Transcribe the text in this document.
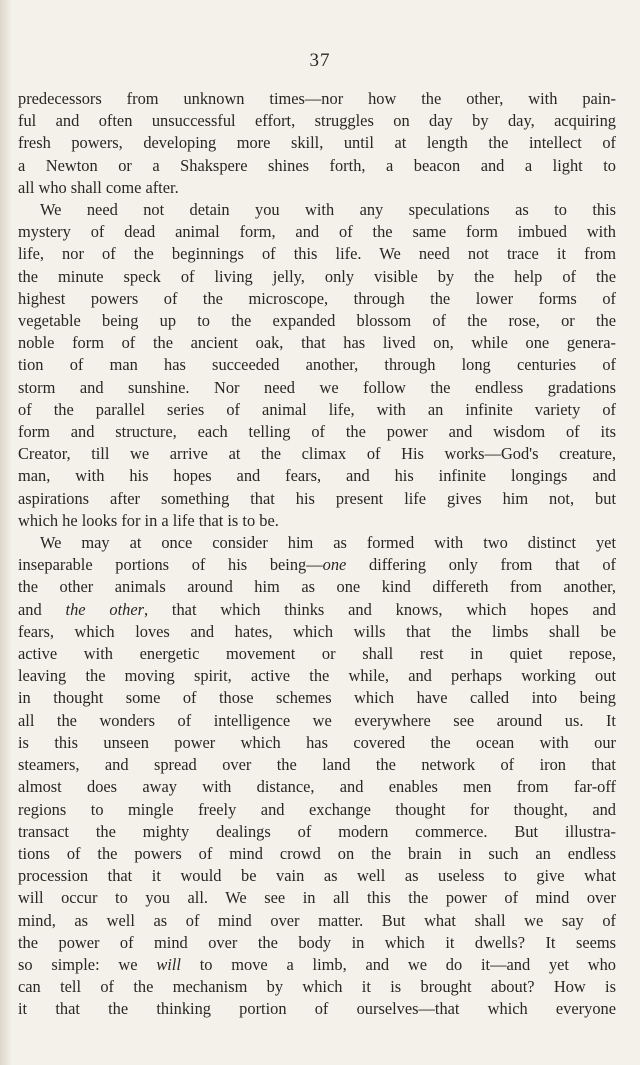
37
predecessors from unknown times—nor how the other, with pain-
ful and often unsuccessful effort, struggles on day by day, acquiring
fresh powers, developing more skill, until at length the intellect of
a Newton or a Shakspere shines forth, a beacon and a light to
all who shall come after.
We need not detain you with any speculations as to this
mystery of dead animal form, and of the same form imbued with
life, nor of the beginnings of this life. We need not trace it from
the minute speck of living jelly, only visible by the help of the
highest powers of the microscope, through the lower forms of
vegetable being up to the expanded blossom of the rose, or the
noble form of the ancient oak, that has lived on, while one genera-
tion of man has succeeded another, through long centuries of
storm and sunshine. Nor need we follow the endless gradations
of the parallel series of animal life, with an infinite variety of
form and structure, each telling of the power and wisdom of its
Creator, till we arrive at the climax of His works—God's creature,
man, with his hopes and fears, and his infinite longings and
aspirations after something that his present life gives him not, but
which he looks for in a life that is to be.
We may at once consider him as formed with two distinct yet
inseparable portions of his being—one differing only from that of
the other animals around him as one kind differeth from another,
and the other, that which thinks and knows, which hopes and
fears, which loves and hates, which wills that the limbs shall be
active with energetic movement or shall rest in quiet repose,
leaving the moving spirit, active the while, and perhaps working out
in thought some of those schemes which have called into being
all the wonders of intelligence we everywhere see around us. It
is this unseen power which has covered the ocean with our
steamers, and spread over the land the network of iron that
almost does away with distance, and enables men from far-off
regions to mingle freely and exchange thought for thought, and
transact the mighty dealings of modern commerce. But illustra-
tions of the powers of mind crowd on the brain in such an endless
procession that it would be vain as well as useless to give what
will occur to you all. We see in all this the power of mind over
mind, as well as of mind over matter. But what shall we say of
the power of mind over the body in which it dwells? It seems
so simple: we will to move a limb, and we do it—and yet who
can tell of the mechanism by which it is brought about? How is
it that the thinking portion of ourselves—that which everyone
